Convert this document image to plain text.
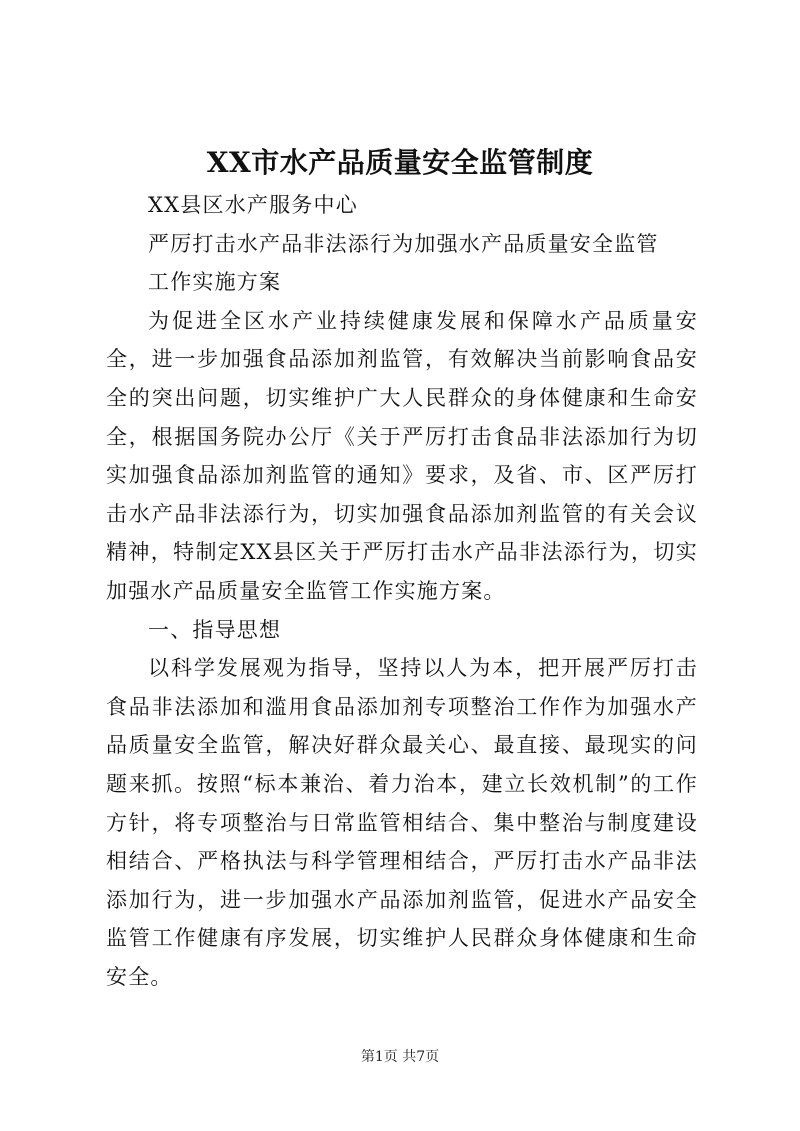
XX市水产品质量安全监管制度

XX县区水产服务中心

严厉打击水产品非法添行为加强水产品质量安全监管

工作实施方案

为促进全区水产业持续健康发展和保障水产品质量安全，进一步加强食品添加剂监管，有效解决当前影响食品安全的突出问题，切实维护广大人民群众的身体健康和生命安全，根据国务院办公厅《关于严厉打击食品非法添加行为切实加强食品添加剂监管的通知》要求，及省、市、区严厉打击水产品非法添行为，切实加强食品添加剂监管的有关会议精神，特制定XX县区关于严厉打击水产品非法添行为，切实加强水产品质量安全监管工作实施方案。

一、指导思想

以科学发展观为指导，坚持以人为本，把开展严厉打击食品非法添加和滥用食品添加剂专项整治工作作为加强水产品质量安全监管，解决好群众最关心、最直接、最现实的问题来抓。按照“标本兼治、着力治本，建立长效机制”的工作方针，将专项整治与日常监管相结合、集中整治与制度建设相结合、严格执法与科学管理相结合，严厉打击水产品非法添加行为，进一步加强水产品添加剂监管，促进水产品安全监管工作健康有序发展，切实维护人民群众身体健康和生命安全。

第1页 共7页
